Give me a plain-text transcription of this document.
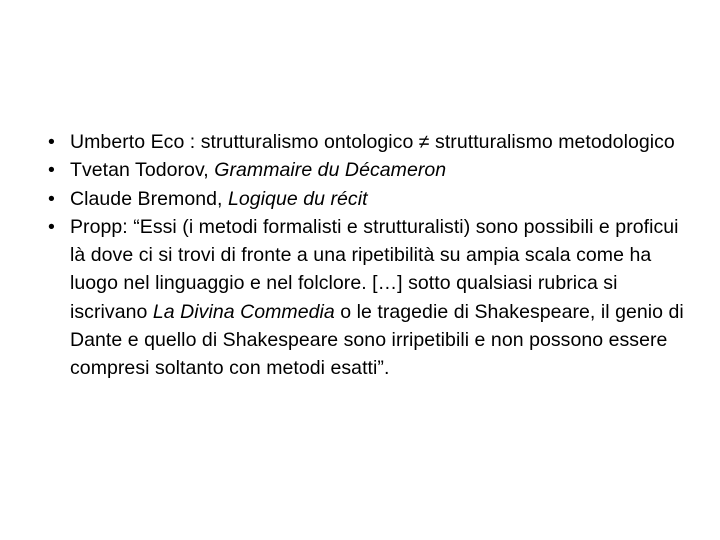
• Umberto Eco : strutturalismo ontologico ≠ strutturalismo metodologico
• Tvetan Todorov, Grammaire du Décameron
• Claude Bremond, Logique du récit
• Propp: “Essi (i metodi formalisti e strutturalisti) sono possibili e proficui là dove ci si trovi di fronte a una ripetibilità su ampia scala come ha luogo nel linguaggio e nel folclore. […] sotto qualsiasi rubrica si iscrivano La Divina Commedia o le tragedie di Shakespeare, il genio di Dante e quello di Shakespeare sono irripetibili e non possono essere compresi soltanto con metodi esatti”.
